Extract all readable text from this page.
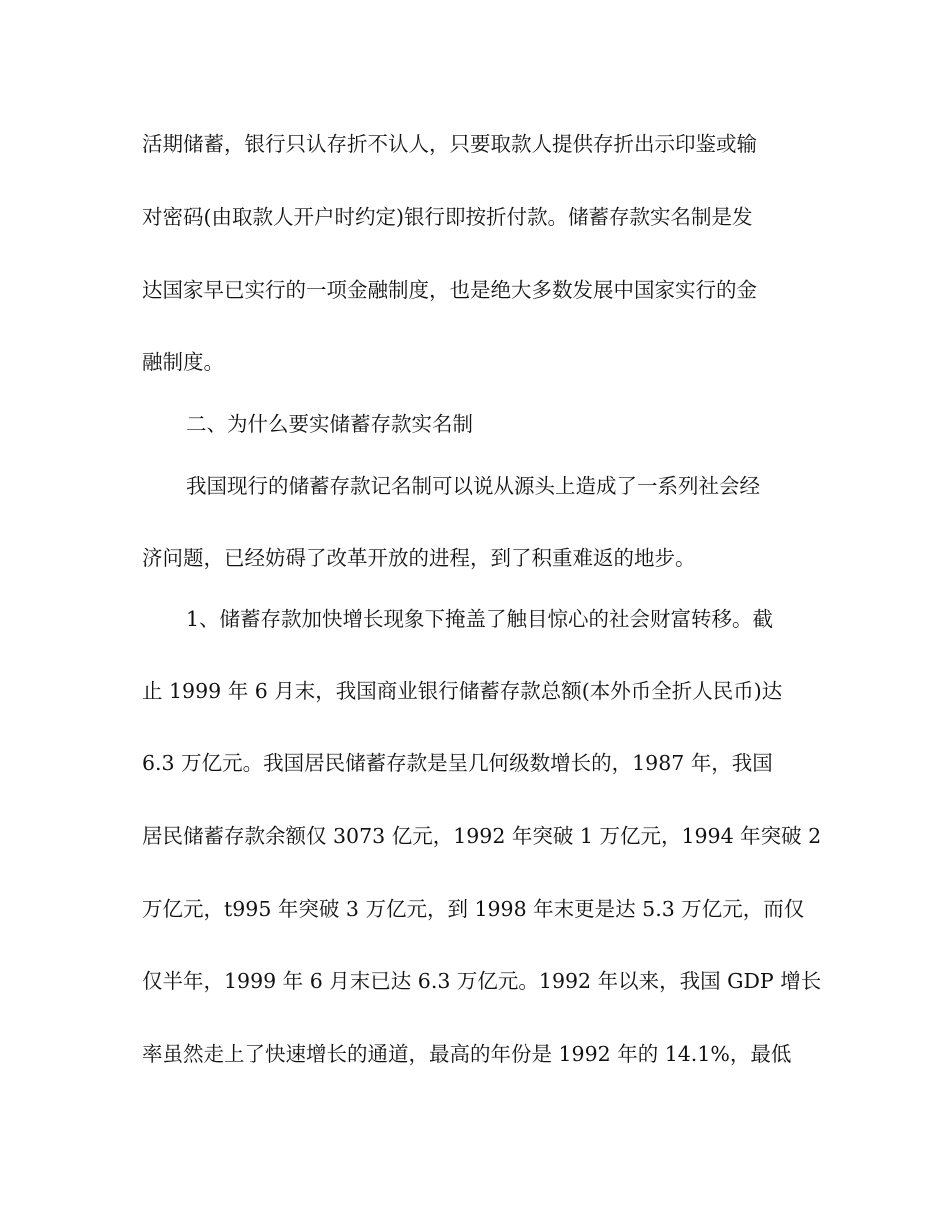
活期储蓄，银行只认存折不认人，只要取款人提供存折出示印鉴或输
对密码(由取款人开户时约定)银行即按折付款。储蓄存款实名制是发
达国家早已实行的一项金融制度，也是绝大多数发展中国家实行的金
融制度。
二、为什么要实储蓄存款实名制
我国现行的储蓄存款记名制可以说从源头上造成了一系列社会经
济问题，已经妨碍了改革开放的进程，到了积重难返的地步。
1、储蓄存款加快增长现象下掩盖了触目惊心的社会财富转移。截
止 1999 年 6 月末，我国商业银行储蓄存款总额(本外币全折人民币)达
6.3 万亿元。我国居民储蓄存款是呈几何级数增长的，1987 年，我国
居民储蓄存款余额仅 3073 亿元，1992 年突破 1 万亿元，1994 年突破 2
万亿元，t995 年突破 3 万亿元，到 1998 年末更是达 5.3 万亿元，而仅
仅半年，1999 年 6 月末已达 6.3 万亿元。1992 年以来，我国 GDP 增长
率虽然走上了快速增长的通道，最高的年份是 1992 年的 14.1%，最低
